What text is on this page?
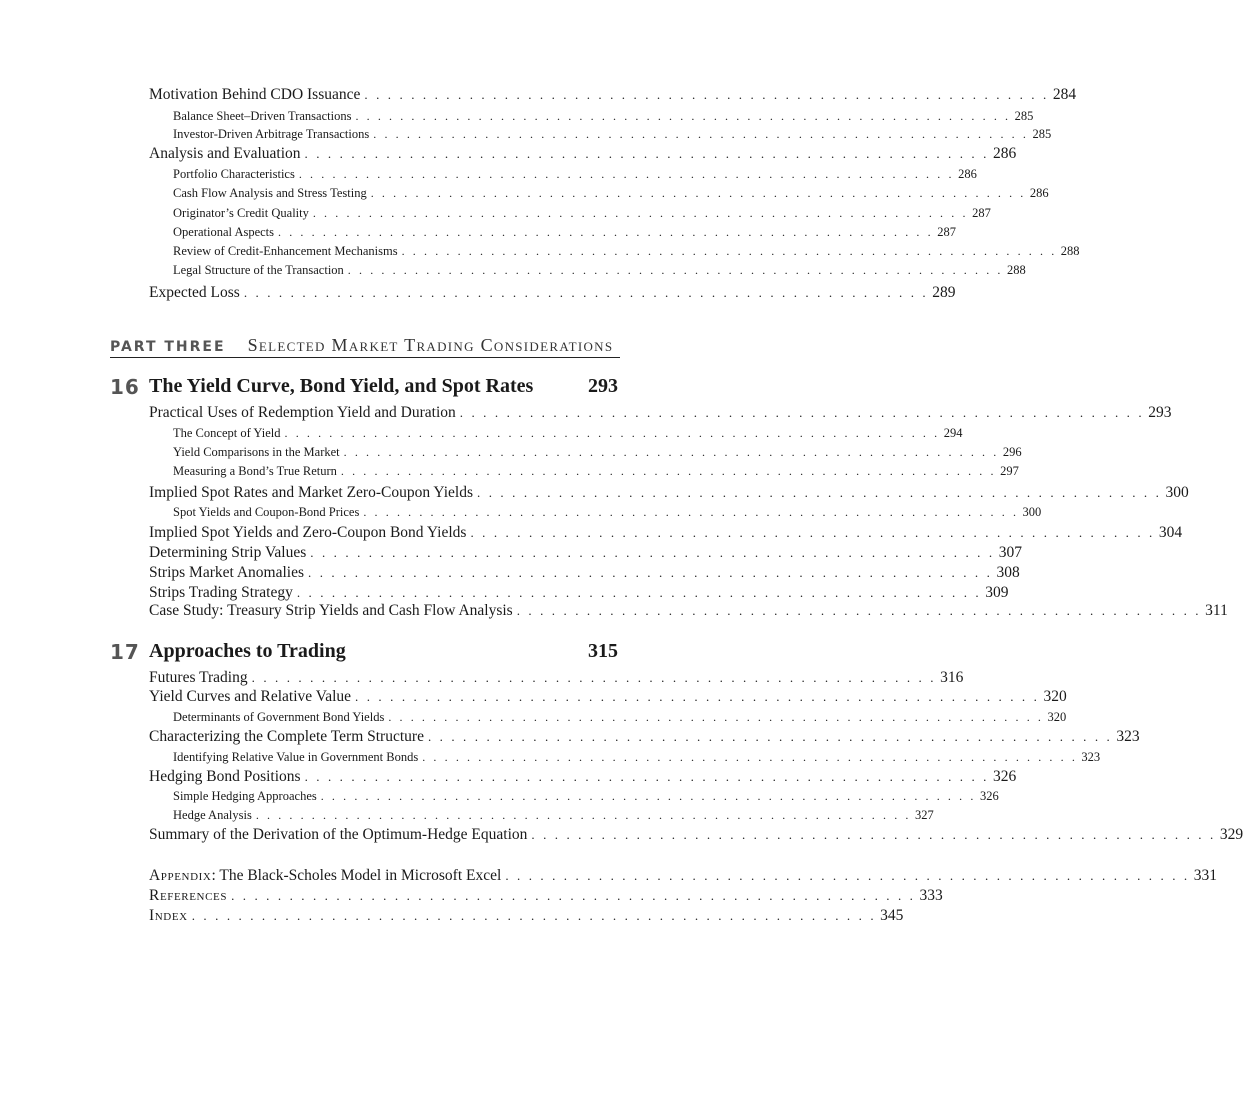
Motivation Behind CDO Issuance . . . . . . . . . . . . . . . . . . . . . . . . . . . . . . . . . . . . . . . . . . . . . . . . . . . . . . . . . . . 284
Balance Sheet–Driven Transactions . . . . . . . . . . . . . . . . . . . . . . . . . . . . . . . . . . . . . . . . . . . . . . . . . . . . . . . . . . . 285
Investor-Driven Arbitrage Transactions . . . . . . . . . . . . . . . . . . . . . . . . . . . . . . . . . . . . . . . . . . . . . . . . . . . . . . . . . . . 285
Analysis and Evaluation . . . . . . . . . . . . . . . . . . . . . . . . . . . . . . . . . . . . . . . . . . . . . . . . . . . . . . . . . . . 286
Portfolio Characteristics . . . . . . . . . . . . . . . . . . . . . . . . . . . . . . . . . . . . . . . . . . . . . . . . . . . . . . . . . . . 286
Cash Flow Analysis and Stress Testing . . . . . . . . . . . . . . . . . . . . . . . . . . . . . . . . . . . . . . . . . . . . . . . . . . . . . . . . . . . 286
Originator’s Credit Quality . . . . . . . . . . . . . . . . . . . . . . . . . . . . . . . . . . . . . . . . . . . . . . . . . . . . . . . . . . . 287
Operational Aspects . . . . . . . . . . . . . . . . . . . . . . . . . . . . . . . . . . . . . . . . . . . . . . . . . . . . . . . . . . . 287
Review of Credit-Enhancement Mechanisms . . . . . . . . . . . . . . . . . . . . . . . . . . . . . . . . . . . . . . . . . . . . . . . . . . . . . . . . . . . 288
Legal Structure of the Transaction . . . . . . . . . . . . . . . . . . . . . . . . . . . . . . . . . . . . . . . . . . . . . . . . . . . . . . . . . . . 288
Expected Loss . . . . . . . . . . . . . . . . . . . . . . . . . . . . . . . . . . . . . . . . . . . . . . . . . . . . . . . . . . . 289
PART THREE Selected Market Trading Considerations
16 The Yield Curve, Bond Yield, and Spot Rates	293
Practical Uses of Redemption Yield and Duration . . . . . . . . . . . . . . . . . . . . . . . . . . . . . . . . . . . . . . . . . . . . . . . . . . . . . . . . . . . 293
The Concept of Yield . . . . . . . . . . . . . . . . . . . . . . . . . . . . . . . . . . . . . . . . . . . . . . . . . . . . . . . . . . . 294
Yield Comparisons in the Market . . . . . . . . . . . . . . . . . . . . . . . . . . . . . . . . . . . . . . . . . . . . . . . . . . . . . . . . . . . 296
Measuring a Bond’s True Return . . . . . . . . . . . . . . . . . . . . . . . . . . . . . . . . . . . . . . . . . . . . . . . . . . . . . . . . . . . 297
Implied Spot Rates and Market Zero-Coupon Yields . . . . . . . . . . . . . . . . . . . . . . . . . . . . . . . . . . . . . . . . . . . . . . . . . . . . . . . . . . . 300
Spot Yields and Coupon-Bond Prices . . . . . . . . . . . . . . . . . . . . . . . . . . . . . . . . . . . . . . . . . . . . . . . . . . . . . . . . . . . 300
Implied Spot Yields and Zero-Coupon Bond Yields . . . . . . . . . . . . . . . . . . . . . . . . . . . . . . . . . . . . . . . . . . . . . . . . . . . . . . . . . . . 304
Determining Strip Values . . . . . . . . . . . . . . . . . . . . . . . . . . . . . . . . . . . . . . . . . . . . . . . . . . . . . . . . . . . 307
Strips Market Anomalies . . . . . . . . . . . . . . . . . . . . . . . . . . . . . . . . . . . . . . . . . . . . . . . . . . . . . . . . . . . 308
Strips Trading Strategy . . . . . . . . . . . . . . . . . . . . . . . . . . . . . . . . . . . . . . . . . . . . . . . . . . . . . . . . . . . 309
Case Study: Treasury Strip Yields and Cash Flow Analysis . . . . . . . . . . . . . . . . . . . . . . . . . . . . . . . . . . . . . . . . . . . . . . . . . . . . . . . . . . . 311
17 Approaches to Trading	315
Futures Trading . . . . . . . . . . . . . . . . . . . . . . . . . . . . . . . . . . . . . . . . . . . . . . . . . . . . . . . . . . . 316
Yield Curves and Relative Value . . . . . . . . . . . . . . . . . . . . . . . . . . . . . . . . . . . . . . . . . . . . . . . . . . . . . . . . . . . 320
Determinants of Government Bond Yields . . . . . . . . . . . . . . . . . . . . . . . . . . . . . . . . . . . . . . . . . . . . . . . . . . . . . . . . . . . 320
Characterizing the Complete Term Structure . . . . . . . . . . . . . . . . . . . . . . . . . . . . . . . . . . . . . . . . . . . . . . . . . . . . . . . . . . . 323
Identifying Relative Value in Government Bonds . . . . . . . . . . . . . . . . . . . . . . . . . . . . . . . . . . . . . . . . . . . . . . . . . . . . . . . . . . . 323
Hedging Bond Positions . . . . . . . . . . . . . . . . . . . . . . . . . . . . . . . . . . . . . . . . . . . . . . . . . . . . . . . . . . . 326
Simple Hedging Approaches . . . . . . . . . . . . . . . . . . . . . . . . . . . . . . . . . . . . . . . . . . . . . . . . . . . . . . . . . . . 326
Hedge Analysis . . . . . . . . . . . . . . . . . . . . . . . . . . . . . . . . . . . . . . . . . . . . . . . . . . . . . . . . . . . 327
Summary of the Derivation of the Optimum-Hedge Equation . . . . . . . . . . . . . . . . . . . . . . . . . . . . . . . . . . . . . . . . . . . . . . . . . . . . . . . . . . . 329
Appendix: The Black-Scholes Model in Microsoft Excel . . . . . . . . . . . . . . . . . . . . . . . . . . . . . . . . . . . . . . . . . . . . . . . . . . . . . . . . . . . 331
References . . . . . . . . . . . . . . . . . . . . . . . . . . . . . . . . . . . . . . . . . . . . . . . . . . . . . . . . . . . 333
Index . . . . . . . . . . . . . . . . . . . . . . . . . . . . . . . . . . . . . . . . . . . . . . . . . . . . . . . . . . . 345
